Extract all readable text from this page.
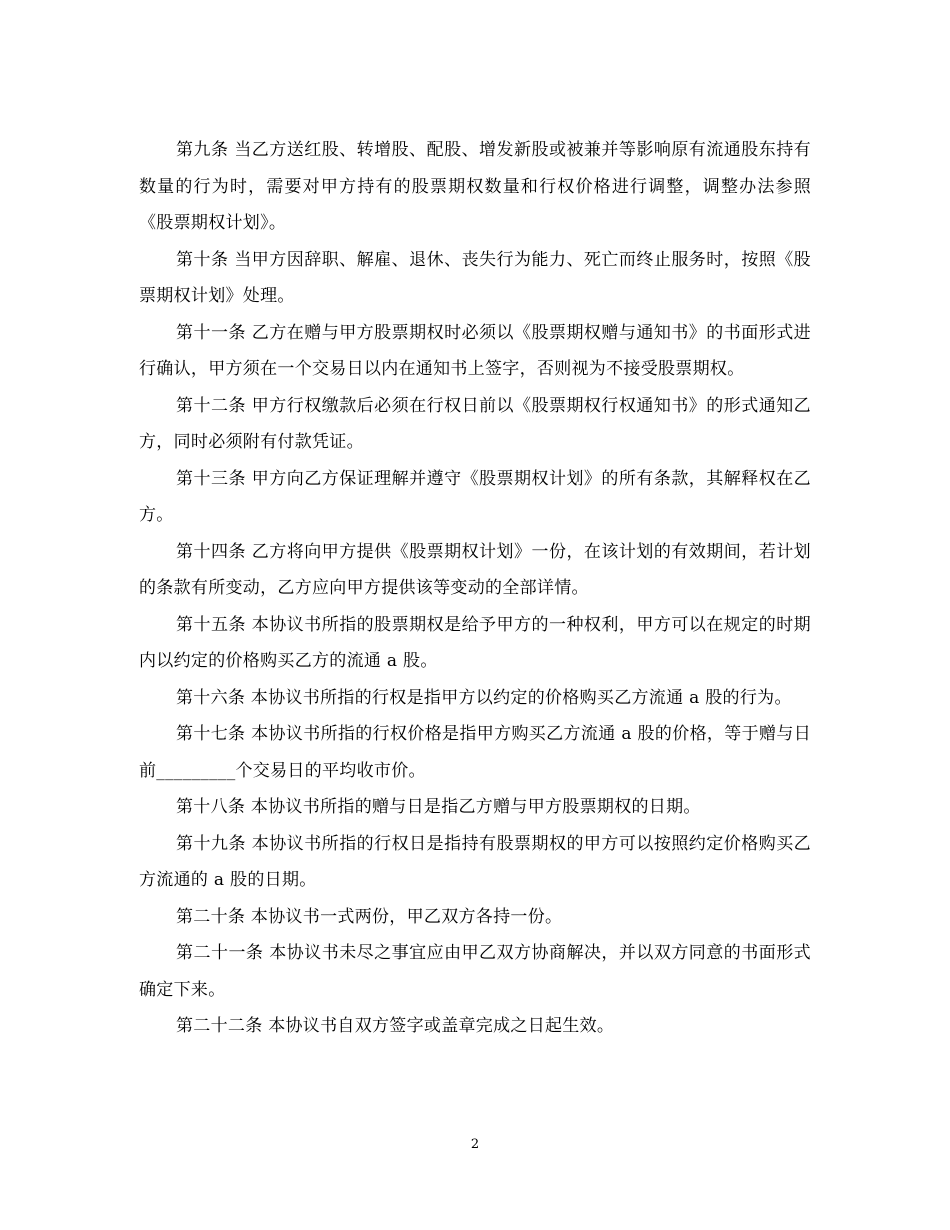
第九条 当乙方送红股、转增股、配股、增发新股或被兼并等影响原有流通股东持有数量的行为时，需要对甲方持有的股票期权数量和行权价格进行调整，调整办法参照《股票期权计划》。

第十条 当甲方因辞职、解雇、退休、丧失行为能力、死亡而终止服务时，按照《股票期权计划》处理。

第十一条 乙方在赠与甲方股票期权时必须以《股票期权赠与通知书》的书面形式进行确认，甲方须在一个交易日以内在通知书上签字，否则视为不接受股票期权。

第十二条 甲方行权缴款后必须在行权日前以《股票期权行权通知书》的形式通知乙方，同时必须附有付款凭证。

第十三条 甲方向乙方保证理解并遵守《股票期权计划》的所有条款，其解释权在乙方。

第十四条 乙方将向甲方提供《股票期权计划》一份，在该计划的有效期间，若计划的条款有所变动，乙方应向甲方提供该等变动的全部详情。

第十五条 本协议书所指的股票期权是给予甲方的一种权利，甲方可以在规定的时期内以约定的价格购买乙方的流通 a 股。

第十六条 本协议书所指的行权是指甲方以约定的价格购买乙方流通 a 股的行为。

第十七条 本协议书所指的行权价格是指甲方购买乙方流通 a 股的价格，等于赠与日前_________个交易日的平均收市价。

第十八条 本协议书所指的赠与日是指乙方赠与甲方股票期权的日期。

第十九条 本协议书所指的行权日是指持有股票期权的甲方可以按照约定价格购买乙方流通的 a 股的日期。

第二十条 本协议书一式两份，甲乙双方各持一份。

第二十一条 本协议书未尽之事宜应由甲乙双方协商解决，并以双方同意的书面形式确定下来。

第二十二条 本协议书自双方签字或盖章完成之日起生效。

2
